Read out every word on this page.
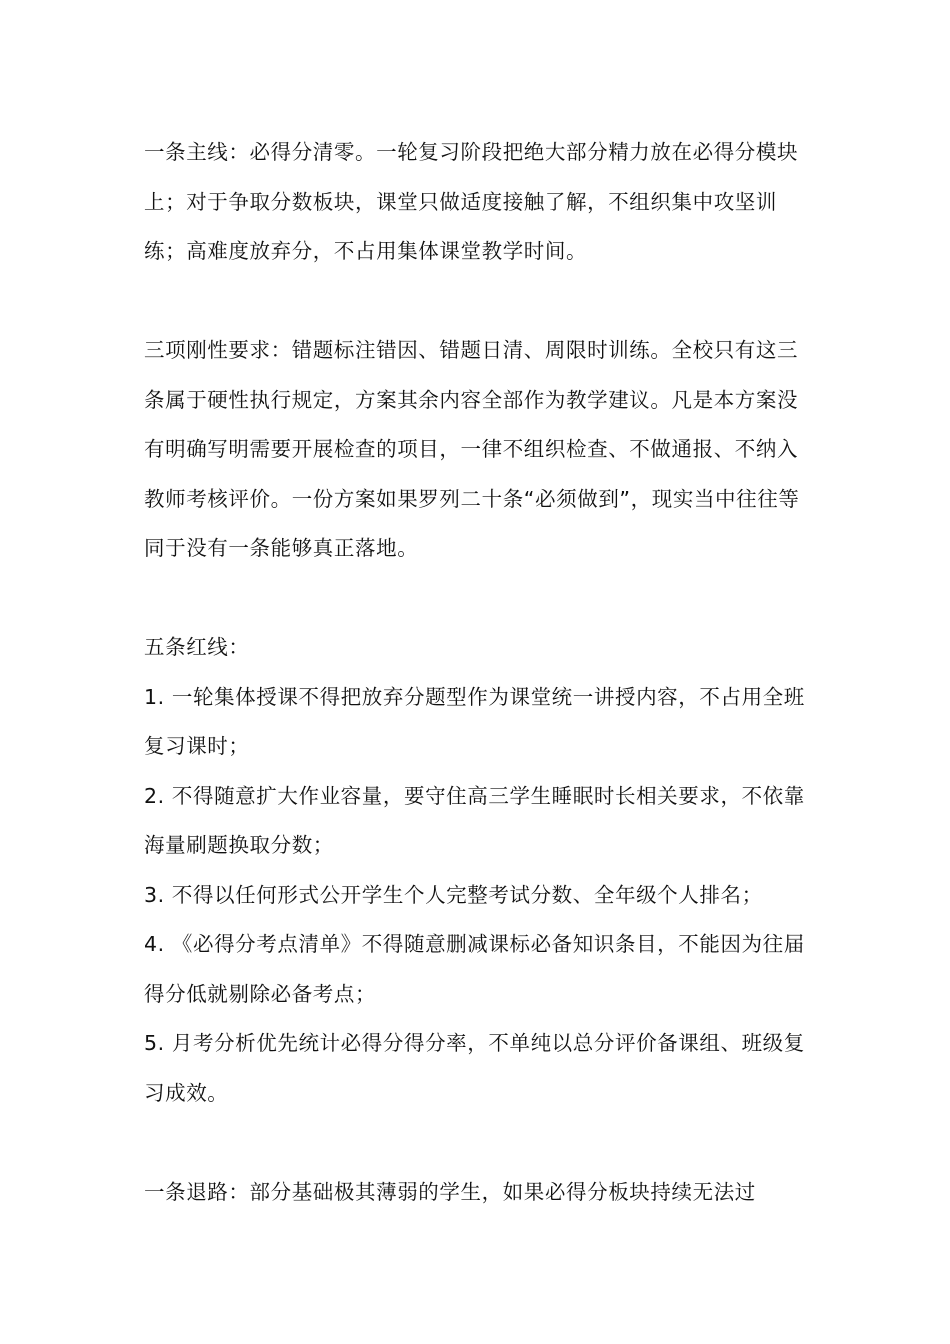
一条主线：必得分清零。一轮复习阶段把绝大部分精力放在必得分模块上；对于争取分数板块，课堂只做适度接触了解，不组织集中攻坚训练；高难度放弃分，不占用集体课堂教学时间。

三项刚性要求：错题标注错因、错题日清、周限时训练。全校只有这三条属于硬性执行规定，方案其余内容全部作为教学建议。凡是本方案没有明确写明需要开展检查的项目，一律不组织检查、不做通报、不纳入教师考核评价。一份方案如果罗列二十条“必须做到”，现实当中往往等同于没有一条能够真正落地。

五条红线：

1. 一轮集体授课不得把放弃分题型作为课堂统一讲授内容，不占用全班复习课时；

2. 不得随意扩大作业容量，要守住高三学生睡眠时长相关要求，不依靠海量刷题换取分数；

3. 不得以任何形式公开学生个人完整考试分数、全年级个人排名；

4. 《必得分考点清单》不得随意删减课标必备知识条目，不能因为往届得分低就剔除必备考点；

5. 月考分析优先统计必得分得分率，不单纯以总分评价备课组、班级复习成效。

一条退路：部分基础极其薄弱的学生，如果必得分板块持续无法过
